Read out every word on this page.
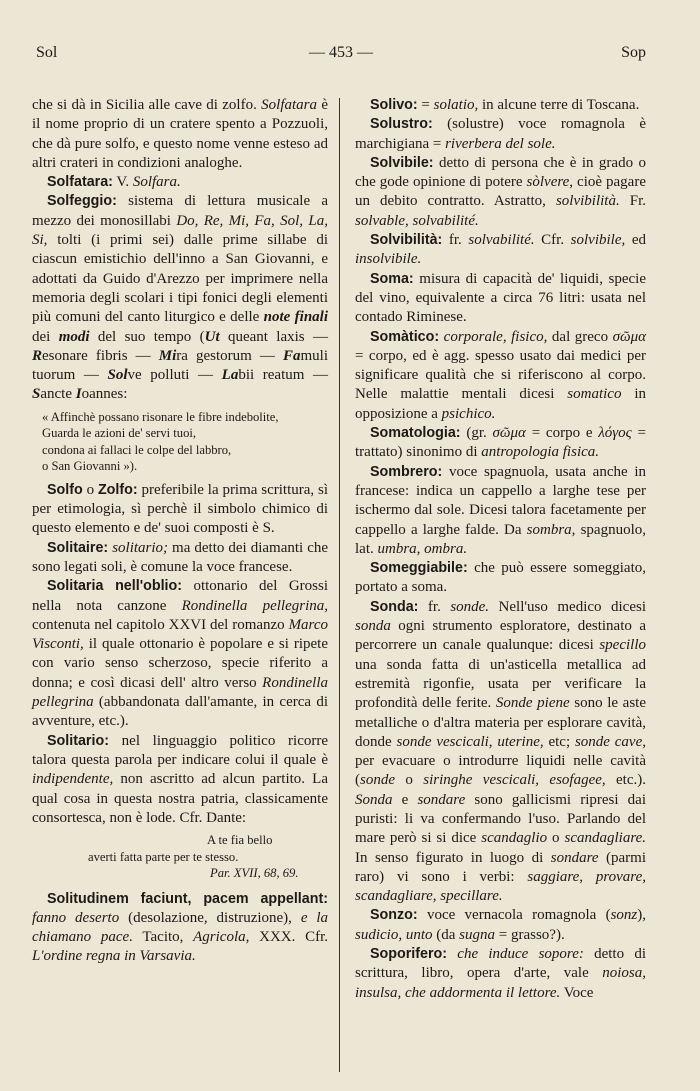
Sol	— 453 —	Sop

che si dà in Sicilia alle cave di zolfo. Solfatara è il nome proprio di un cratere spento a Pozzuoli, che dà pure solfo, e questo nome venne esteso ad altri crateri in condizioni analoghe.

Solfatara: V. Solfara.

Solfeggio: sistema di lettura musicale a mezzo dei monosillabi Do, Re, Mi, Fa, Sol, La, Si, tolti (i primi sei) dalle prime sillabe di ciascun emistichio dell'inno a San Giovanni, e adottati da Guido d'Arezzo per imprimere nella memoria degli scolari i tipi fonici degli elementi più comuni del canto liturgico e delle note finali dei modi del suo tempo (Ut queant laxis — Resonare fibris — Mira gestorum — Famuli tuorum — Solve polluti — Labii reatum — Sancte Ioannes:

« Affinchè possano risonare le fibre indebolite,
Guarda le azioni de' servi tuoi,
condona ai fallaci le colpe del labbro,
o San Giovanni »).

Solfo o Zolfo: preferibile la prima scrittura, sì per etimologia, sì perchè il simbolo chimico di questo elemento e de' suoi composti è S.

Solitaire: solitario; ma detto dei diamanti che sono legati soli, è comune la voce francese.

Solitaria nell'oblio: ottonario del Grossi nella nota canzone Rondinella pellegrina, contenuta nel capitolo XXVI del romanzo Marco Visconti, il quale ottonario è popolare e si ripete con vario senso scherzoso, specie riferito a donna; e così dicasi dell' altro verso Rondinella pellegrina (abbandonata dall'amante, in cerca di avventure, etc.).

Solitario: nel linguaggio politico ricorre talora questa parola per indicare colui il quale è indipendente, non ascritto ad alcun partito. La qual cosa in questa nostra patria, classicamente consortesca, non è lode. Cfr. Dante:

A te fia bello
averti fatta parte per te stesso.
Par. XVII, 68, 69.

Solitudinem faciunt, pacem appellant: fanno deserto (desolazione, distruzione), e la chiamano pace. Tacito, Agricola, XXX. Cfr. L'ordine regna in Varsavia.

Solivo: = solatio, in alcune terre di Toscana.

Solustro: (solustre) voce romagnola è marchigiana = riverbera del sole.

Solvibile: detto di persona che è in grado o che gode opinione di potere sòlvere, cioè pagare un debito contratto. Astratto, solvibilità. Fr. solvable, solvabilité.

Solvibilità: fr. solvabilité. Cfr. solvibile, ed insolvibile.

Soma: misura di capacità de' liquidi, specie del vino, equivalente a circa 76 litri: usata nel contado Riminese.

Somàtico: corporale, fisico, dal greco σῶμα = corpo, ed è agg. spesso usato dai medici per significare qualità che si riferiscono al corpo. Nelle malattie mentali dicesi somatico in opposizione a psichico.

Somatologia: (gr. σῶμα = corpo e λόγος = trattato) sinonimo di antropologia fisica.

Sombrero: voce spagnuola, usata anche in francese: indica un cappello a larghe tese per ischermo dal sole. Dicesi talora facetamente per cappello a larghe falde. Da sombra, spagnuolo, lat. umbra, ombra.

Someggiabile: che può essere someggiato, portato a soma.

Sonda: fr. sonde. Nell'uso medico dicesi sonda ogni strumento esploratore, destinato a percorrere un canale qualunque: dicesi specillo una sonda fatta di un'asticella metallica ad estremità rigonfie, usata per verificare la profondità delle ferite. Sonde piene sono le aste metalliche o d'altra materia per esplorare cavità, donde sonde vescicali, uterine, etc; sonde cave, per evacuare o introdurre liquidi nelle cavità (sonde o siringhe vescicali, esofagee, etc.). Sonda e sondare sono gallicismi ripresi dai puristi: li va confermando l'uso. Parlando del mare però si si dice scandaglio o scandagliare. In senso figurato in luogo di sondare (parmi raro) vi sono i verbi: saggiare, provare, scandagliare, specillare.

Sonzo: voce vernacola romagnola (sonz), sudicio, unto (da sugna = grasso?).

Soporifero: che induce sopore: detto di scrittura, libro, opera d'arte, vale noiosa, insulsa, che addormenta il lettore. Voce
